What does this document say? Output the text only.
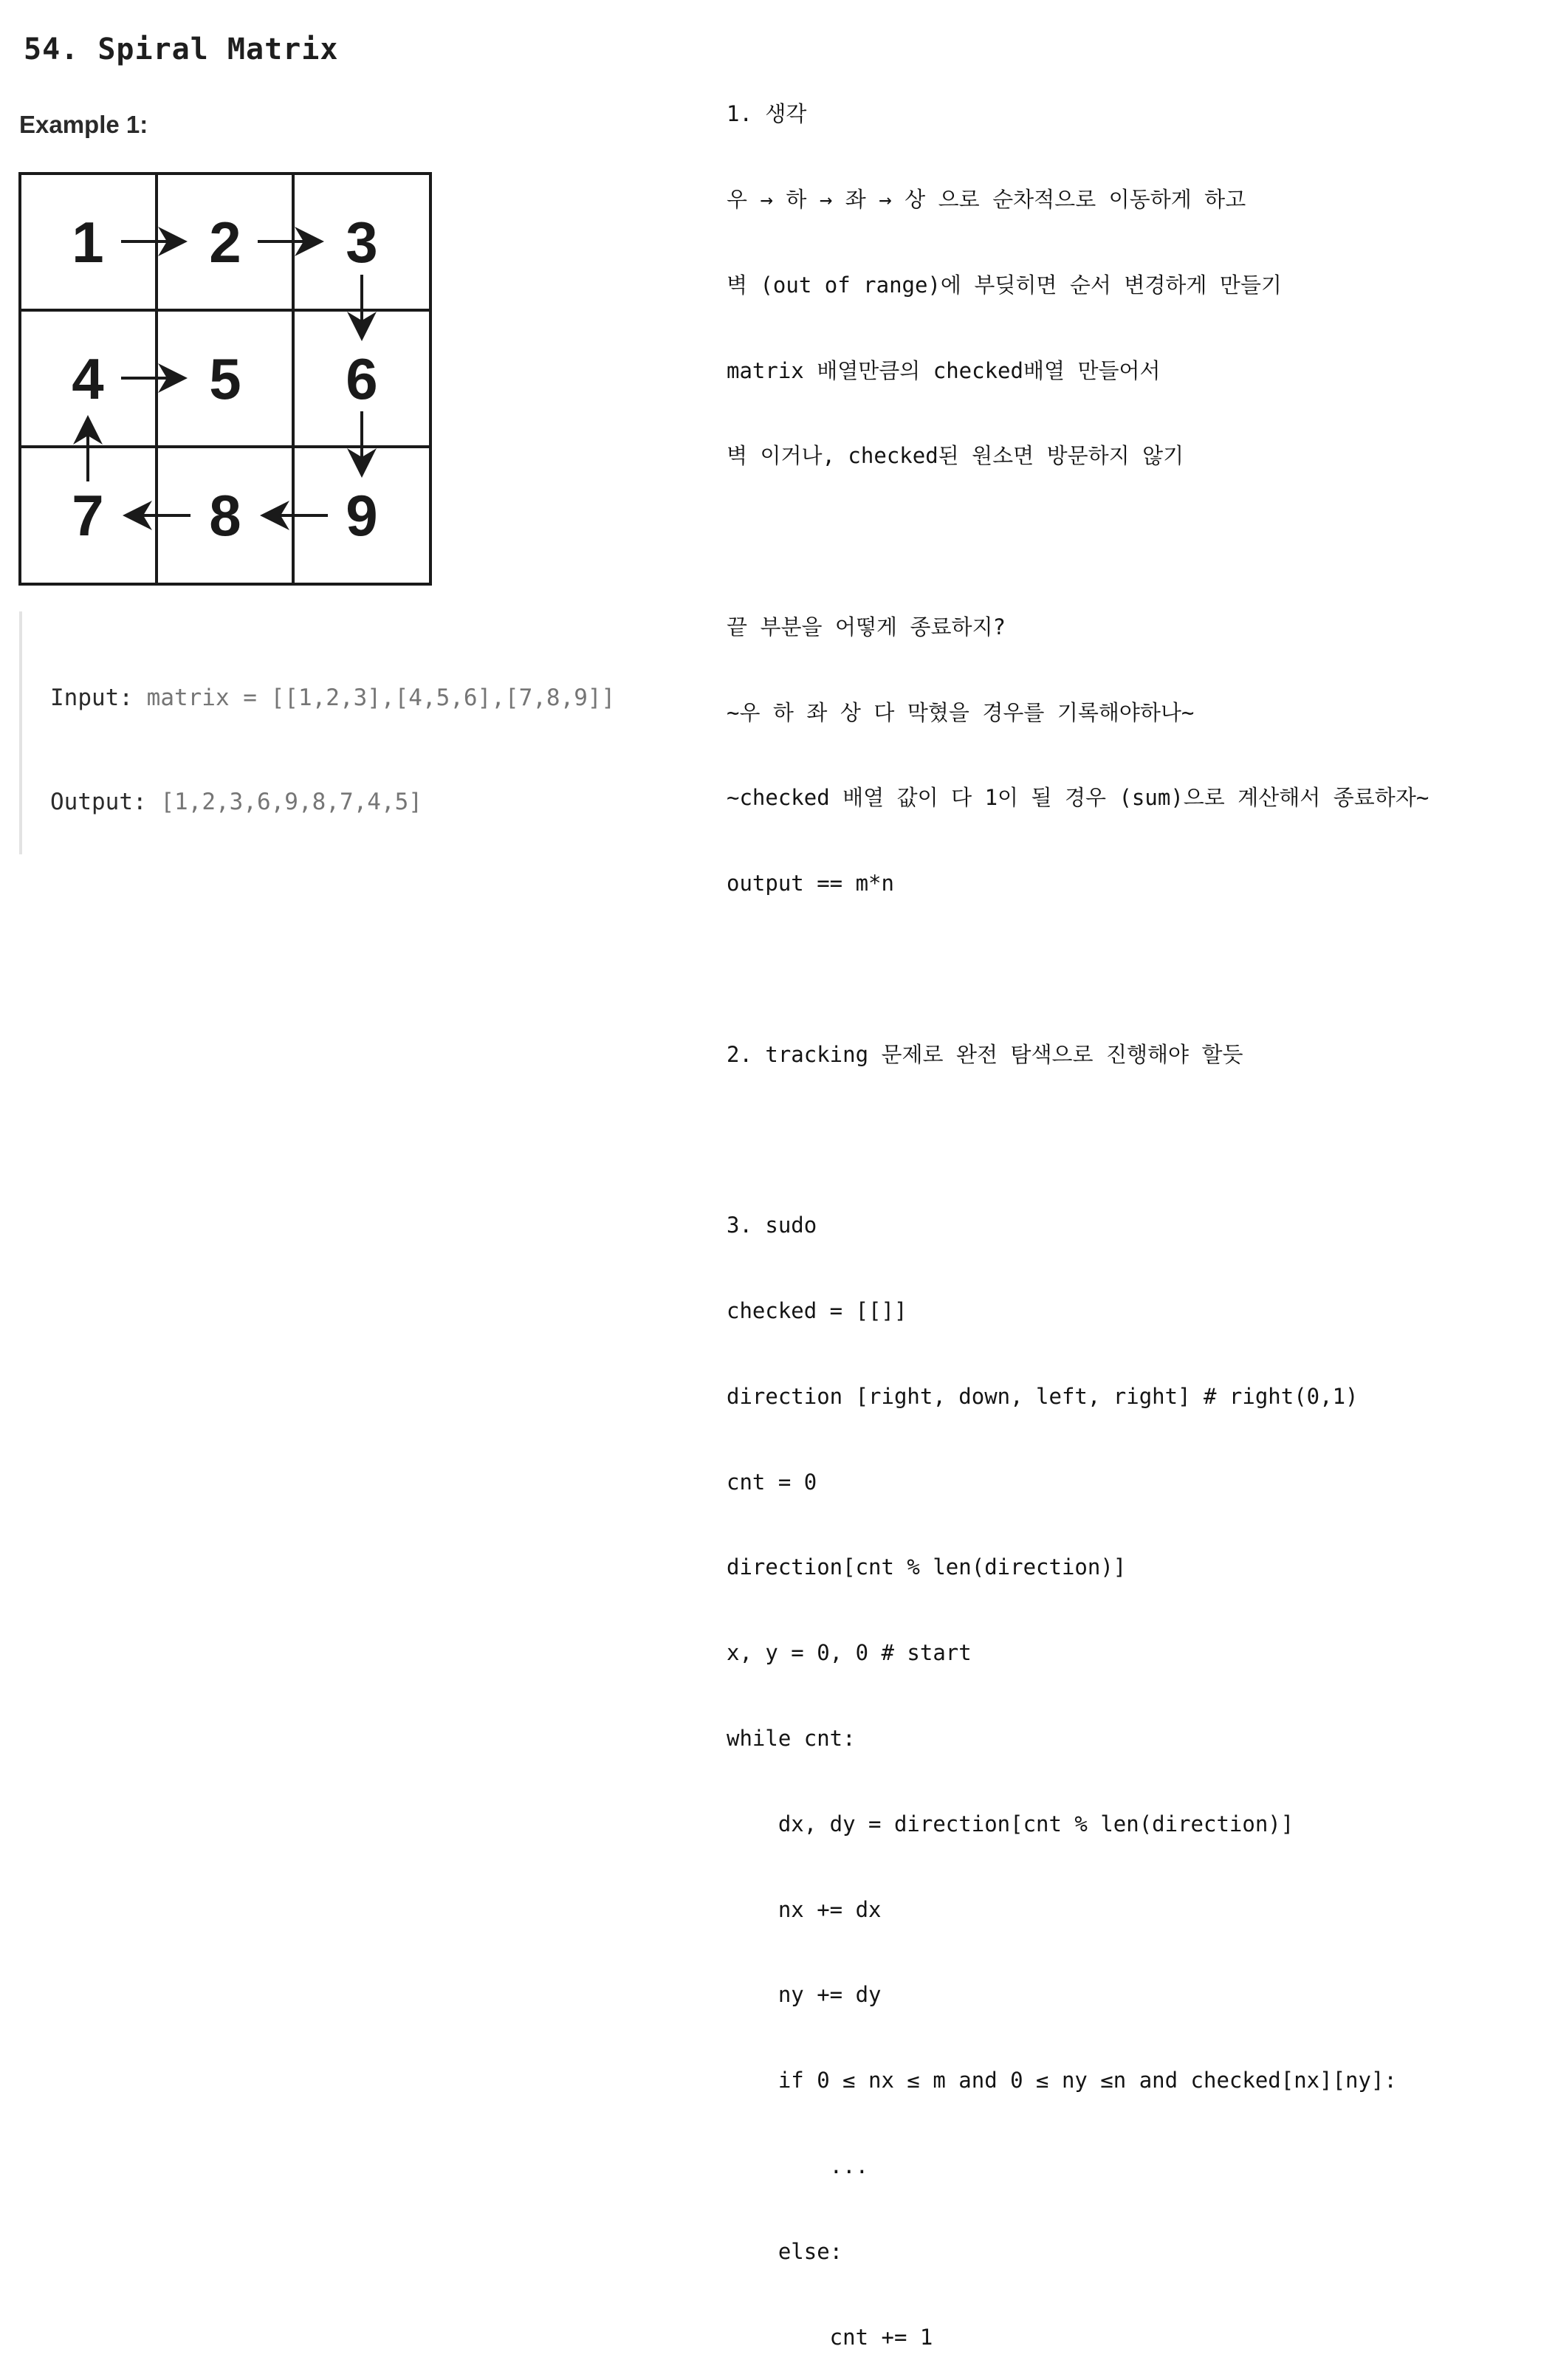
54. Spiral Matrix
Example 1:
1 2 3
4 5 6
7 8 9

Input: matrix = [[1,2,3],[4,5,6],[7,8,9]]

Output: [1,2,3,6,9,8,7,4,5]

1. 생각

우 → 하 → 좌 → 상 으로 순차적으로 이동하게 하고

벽 (out of range)에 부딪히면 순서 변경하게 만들기

matrix 배열만큼의 checked배열 만들어서

벽 이거나, checked된 원소면 방문하지 않기

끝 부분을 어떻게 종료하지?

~우 하 좌 상 다 막혔을 경우를 기록해야하나~

~checked 배열 값이 다 1이 될 경우 (sum)으로 계산해서 종료하자~

output == m*n

2. tracking 문제로 완전 탐색으로 진행해야 할듯

3. sudo

checked = [[]]

direction [right, down, left, right] # right(0,1)

cnt = 0

direction[cnt % len(direction)]

x, y = 0, 0 # start

while cnt:

dx, dy = direction[cnt % len(direction)]

nx += dx

ny += dy

if 0 ≤ nx ≤ m and 0 ≤ ny ≤n and checked[nx][ny]:

...

else:

cnt += 1
